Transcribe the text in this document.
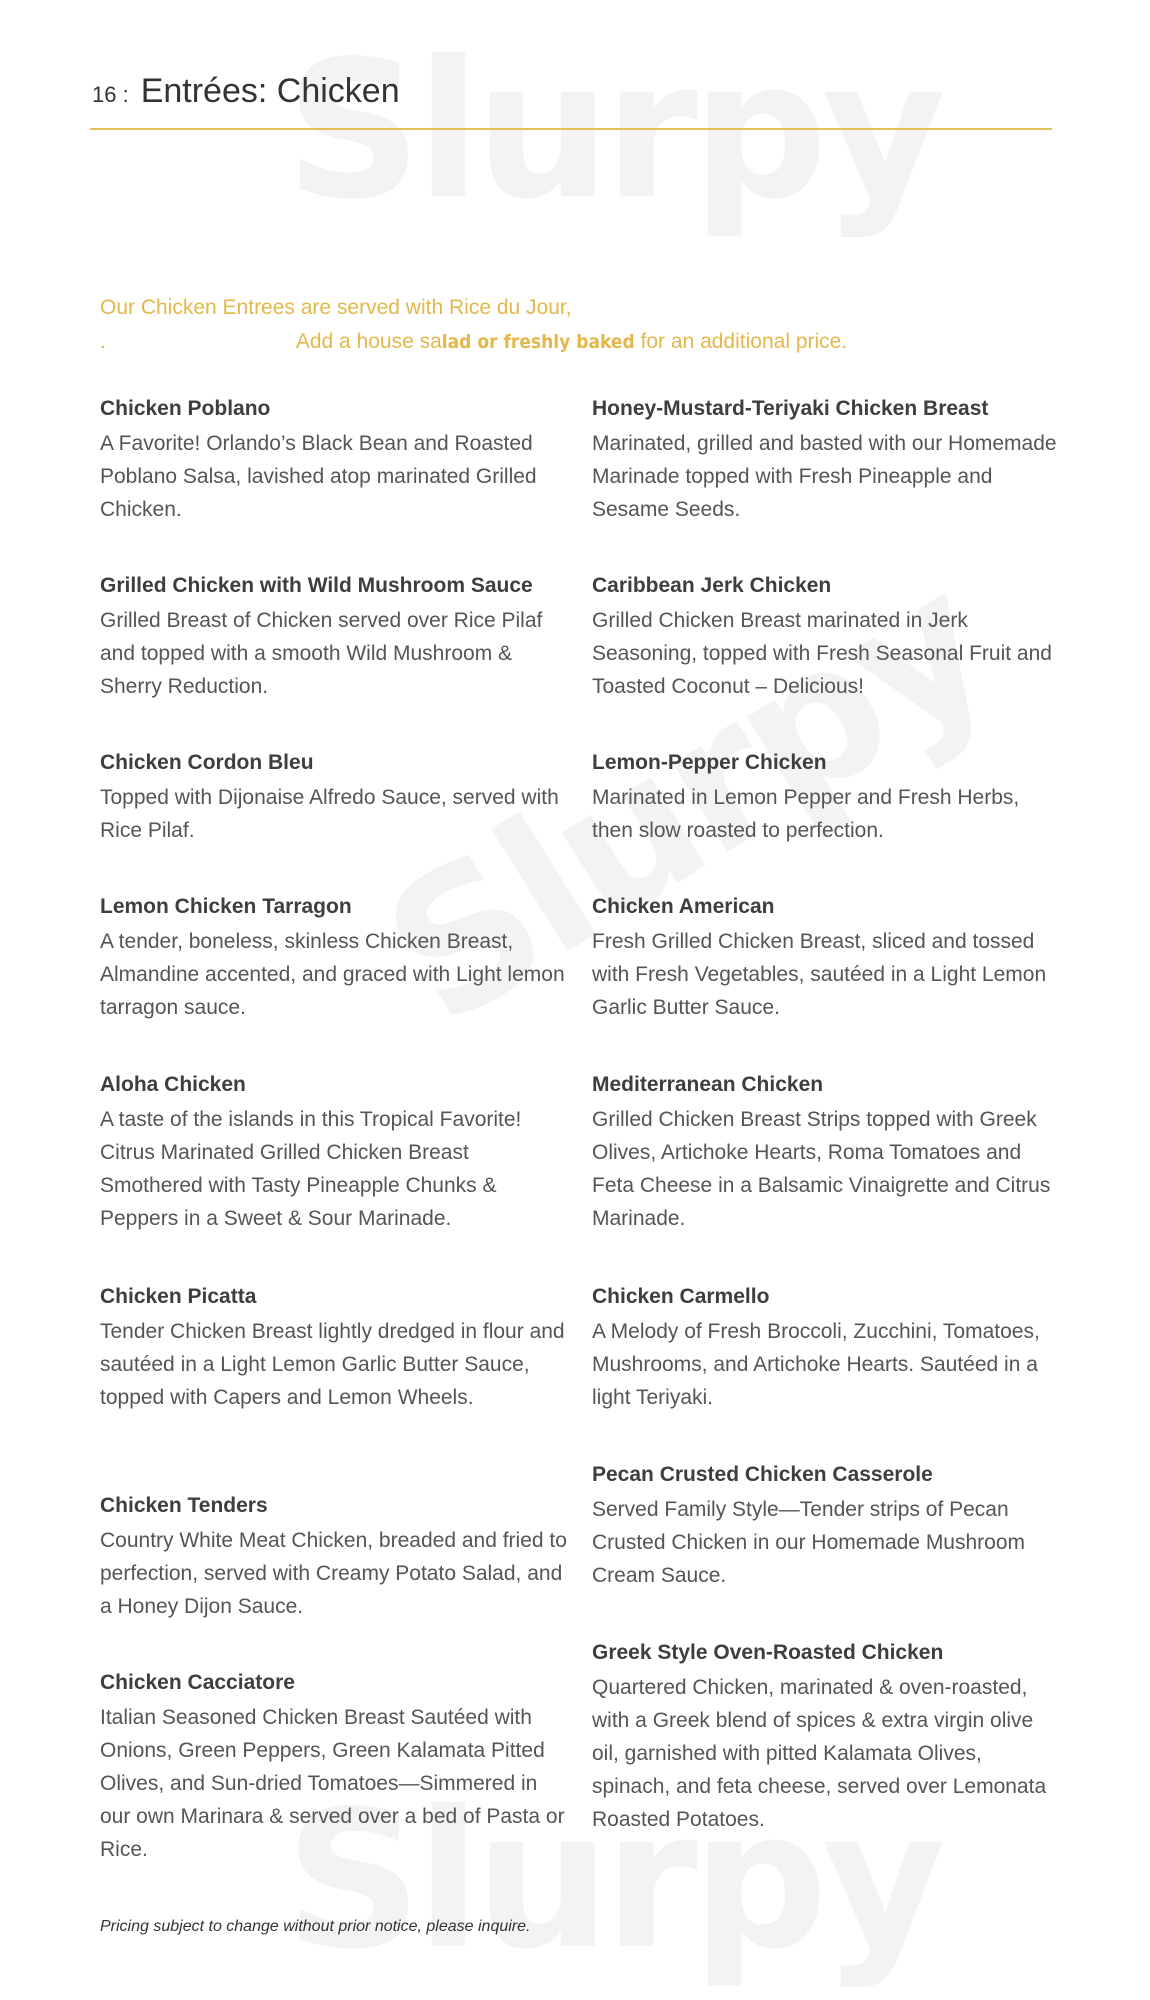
16 : Entrées: Chicken
Our Chicken Entrees are served with Rice du Jour,
.	Add a house salad or freshly baked for an additional price.

Chicken Poblano

A Favorite! Orlando’s Black Bean and Roasted Poblano Salsa, lavished atop marinated Grilled Chicken.

Grilled Chicken with Wild Mushroom Sauce

Grilled Breast of Chicken served over Rice Pilaf and topped with a smooth Wild Mushroom & Sherry Reduction.

Chicken Cordon Bleu

Topped with Dijonaise Alfredo Sauce, served with Rice Pilaf.

Lemon Chicken Tarragon

A tender, boneless, skinless Chicken Breast, Almandine accented, and graced with Light lemon tarragon sauce.

Aloha Chicken

A taste of the islands in this Tropical Favorite! Citrus Marinated Grilled Chicken Breast Smothered with Tasty Pineapple Chunks & Peppers in a Sweet & Sour Marinade.

Chicken Picatta

Tender Chicken Breast lightly dredged in flour and sautéed in a Light Lemon Garlic Butter Sauce, topped with Capers and Lemon Wheels.

Chicken Tenders

Country White Meat Chicken, breaded and fried to perfection, served with Creamy Potato Salad, and a Honey Dijon Sauce.

Chicken Cacciatore

Italian Seasoned Chicken Breast Sautéed with Onions, Green Peppers, Green Kalamata Pitted Olives, and Sun-dried Tomatoes—Simmered in our own Marinara & served over a bed of Pasta or Rice.

Honey-Mustard-Teriyaki Chicken Breast

Marinated, grilled and basted with our Homemade Marinade topped with Fresh Pineapple and Sesame Seeds.

Caribbean Jerk Chicken

Grilled Chicken Breast marinated in Jerk Seasoning, topped with Fresh Seasonal Fruit and Toasted Coconut – Delicious!

Lemon-Pepper Chicken

Marinated in Lemon Pepper and Fresh Herbs, then slow roasted to perfection.

Chicken American

Fresh Grilled Chicken Breast, sliced and tossed with Fresh Vegetables, sautéed in a Light Lemon Garlic Butter Sauce.

Mediterranean Chicken

Grilled Chicken Breast Strips topped with Greek Olives, Artichoke Hearts, Roma Tomatoes and Feta Cheese in a Balsamic Vinaigrette and Citrus Marinade.

Chicken Carmello

A Melody of Fresh Broccoli, Zucchini, Tomatoes, Mushrooms, and Artichoke Hearts. Sautéed in a light Teriyaki.

Pecan Crusted Chicken Casserole

Served Family Style—Tender strips of Pecan Crusted Chicken in our Homemade Mushroom Cream Sauce.

Greek Style Oven-Roasted Chicken

Quartered Chicken, marinated & oven-roasted, with a Greek blend of spices & extra virgin olive oil, garnished with pitted Kalamata Olives, spinach, and feta cheese, served over Lemonata Roasted Potatoes.

Pricing subject to change without prior notice, please inquire.
